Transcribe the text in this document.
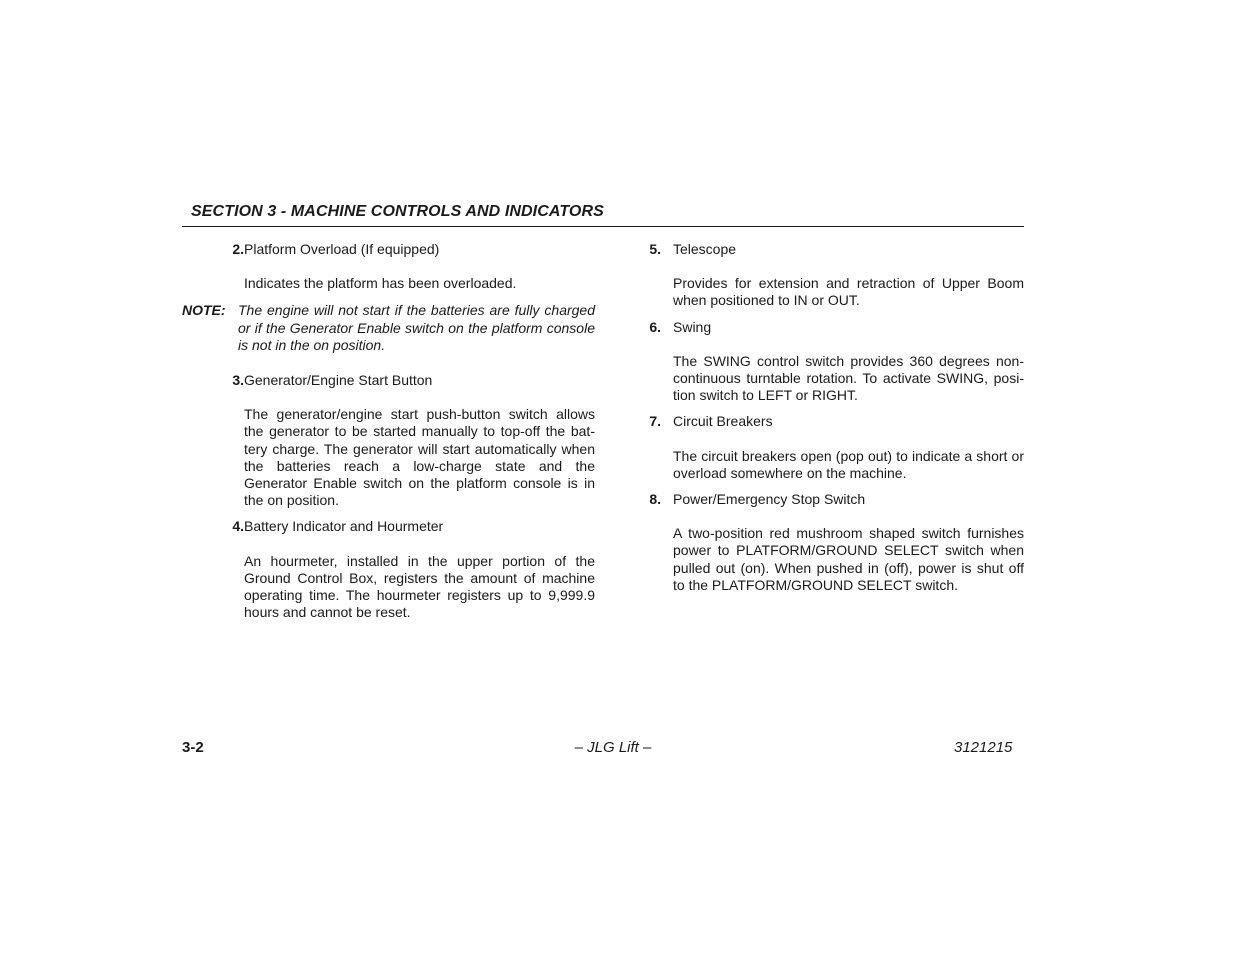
SECTION 3 - MACHINE CONTROLS AND INDICATORS
2. Platform Overload (If equipped)
Indicates the platform has been overloaded.
NOTE: The engine will not start if the batteries are fully charged or if the Generator Enable switch on the platform console is not in the on position.
3. Generator/Engine Start Button
The generator/engine start push-button switch allows the generator to be started manually to top-off the battery charge. The generator will start automatically when the batteries reach a low-charge state and the Generator Enable switch on the platform console is in the on position.
4. Battery Indicator and Hourmeter
An hourmeter, installed in the upper portion of the Ground Control Box, registers the amount of machine operating time. The hourmeter registers up to 9,999.9 hours and cannot be reset.
5. Telescope
Provides for extension and retraction of Upper Boom when positioned to IN or OUT.
6. Swing
The SWING control switch provides 360 degrees non-continuous turntable rotation. To activate SWING, position switch to LEFT or RIGHT.
7. Circuit Breakers
The circuit breakers open (pop out) to indicate a short or overload somewhere on the machine.
8. Power/Emergency Stop Switch
A two-position red mushroom shaped switch furnishes power to PLATFORM/GROUND SELECT switch when pulled out (on). When pushed in (off), power is shut off to the PLATFORM/GROUND SELECT switch.
3-2	– JLG Lift –	3121215
